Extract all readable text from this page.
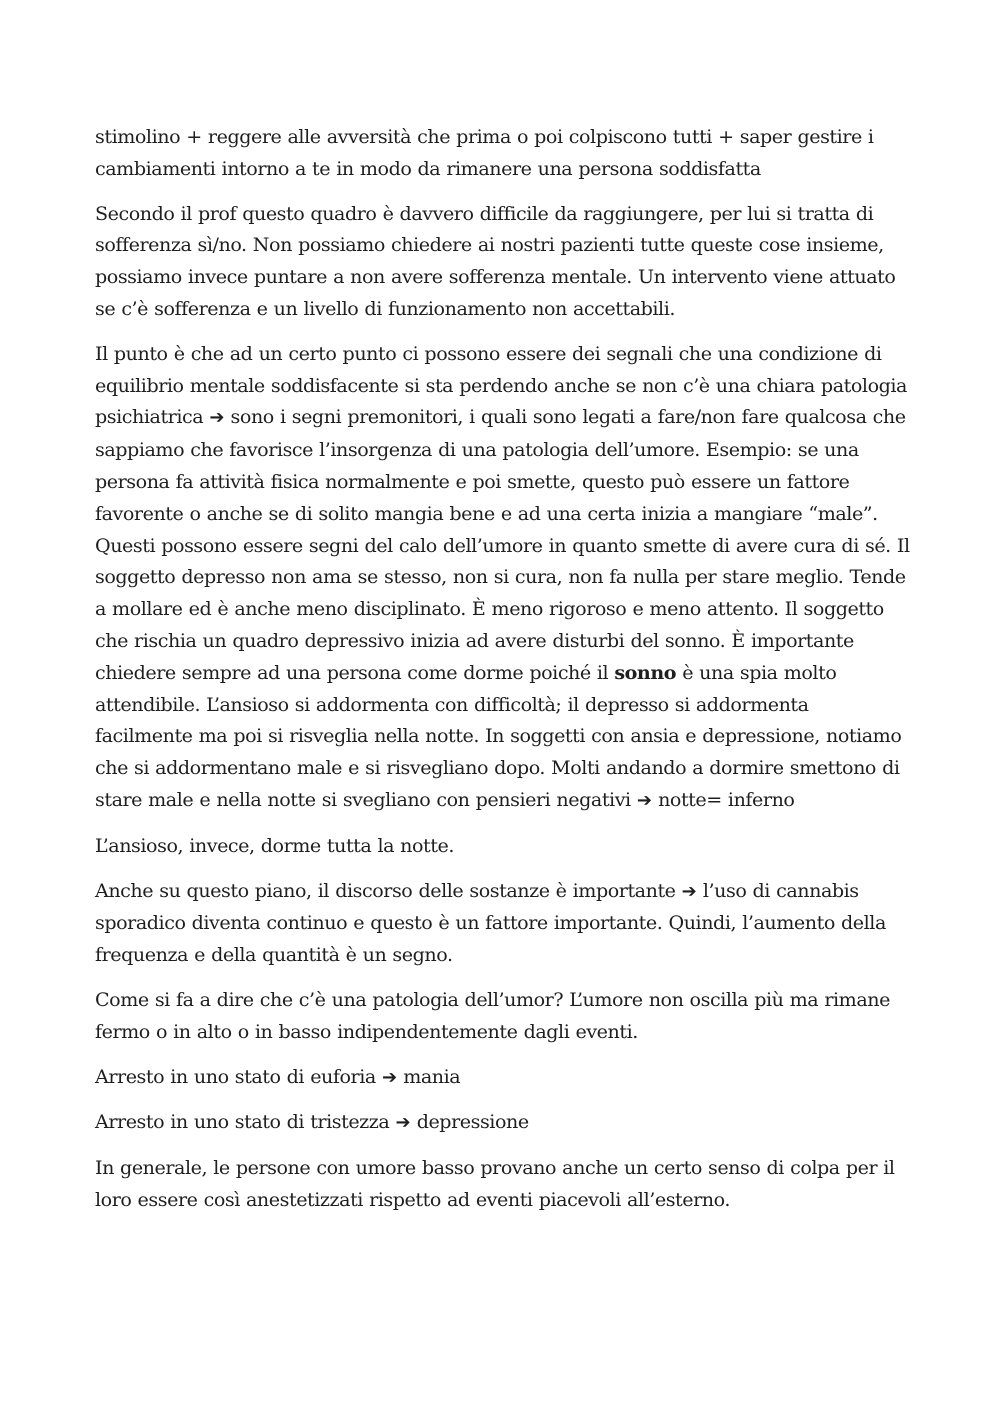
stimolino + reggere alle avversità che prima o poi colpiscono tutti + saper gestire i cambiamenti intorno a te in modo da rimanere una persona soddisfatta

Secondo il prof questo quadro è davvero difficile da raggiungere, per lui si tratta di sofferenza sì/no. Non possiamo chiedere ai nostri pazienti tutte queste cose insieme, possiamo invece puntare a non avere sofferenza mentale. Un intervento viene attuato se c’è sofferenza e un livello di funzionamento non accettabili.

Il punto è che ad un certo punto ci possono essere dei segnali che una condizione di equilibrio mentale soddisfacente si sta perdendo anche se non c’è una chiara patologia psichiatrica ➔ sono i segni premonitori, i quali sono legati a fare/non fare qualcosa che sappiamo che favorisce l’insorgenza di una patologia dell’umore. Esempio: se una persona fa attività fisica normalmente e poi smette, questo può essere un fattore favorente o anche se di solito mangia bene e ad una certa inizia a mangiare “male”. Questi possono essere segni del calo dell’umore in quanto smette di avere cura di sé. Il soggetto depresso non ama se stesso, non si cura, non fa nulla per stare meglio. Tende a mollare ed è anche meno disciplinato. È meno rigoroso e meno attento. Il soggetto che rischia un quadro depressivo inizia ad avere disturbi del sonno. È importante chiedere sempre ad una persona come dorme poiché il sonno è una spia molto attendibile. L’ansioso si addormenta con difficoltà; il depresso si addormenta facilmente ma poi si risveglia nella notte. In soggetti con ansia e depressione, notiamo che si addormentano male e si risvegliano dopo. Molti andando a dormire smettono di stare male e nella notte si svegliano con pensieri negativi ➔ notte= inferno

L’ansioso, invece, dorme tutta la notte.

Anche su questo piano, il discorso delle sostanze è importante ➔ l’uso di cannabis sporadico diventa continuo e questo è un fattore importante. Quindi, l’aumento della frequenza e della quantità è un segno.

Come si fa a dire che c’è una patologia dell’umor? L’umore non oscilla più ma rimane fermo o in alto o in basso indipendentemente dagli eventi.

Arresto in uno stato di euforia ➔ mania

Arresto in uno stato di tristezza ➔ depressione

In generale, le persone con umore basso provano anche un certo senso di colpa per il loro essere così anestetizzati rispetto ad eventi piacevoli all’esterno.
